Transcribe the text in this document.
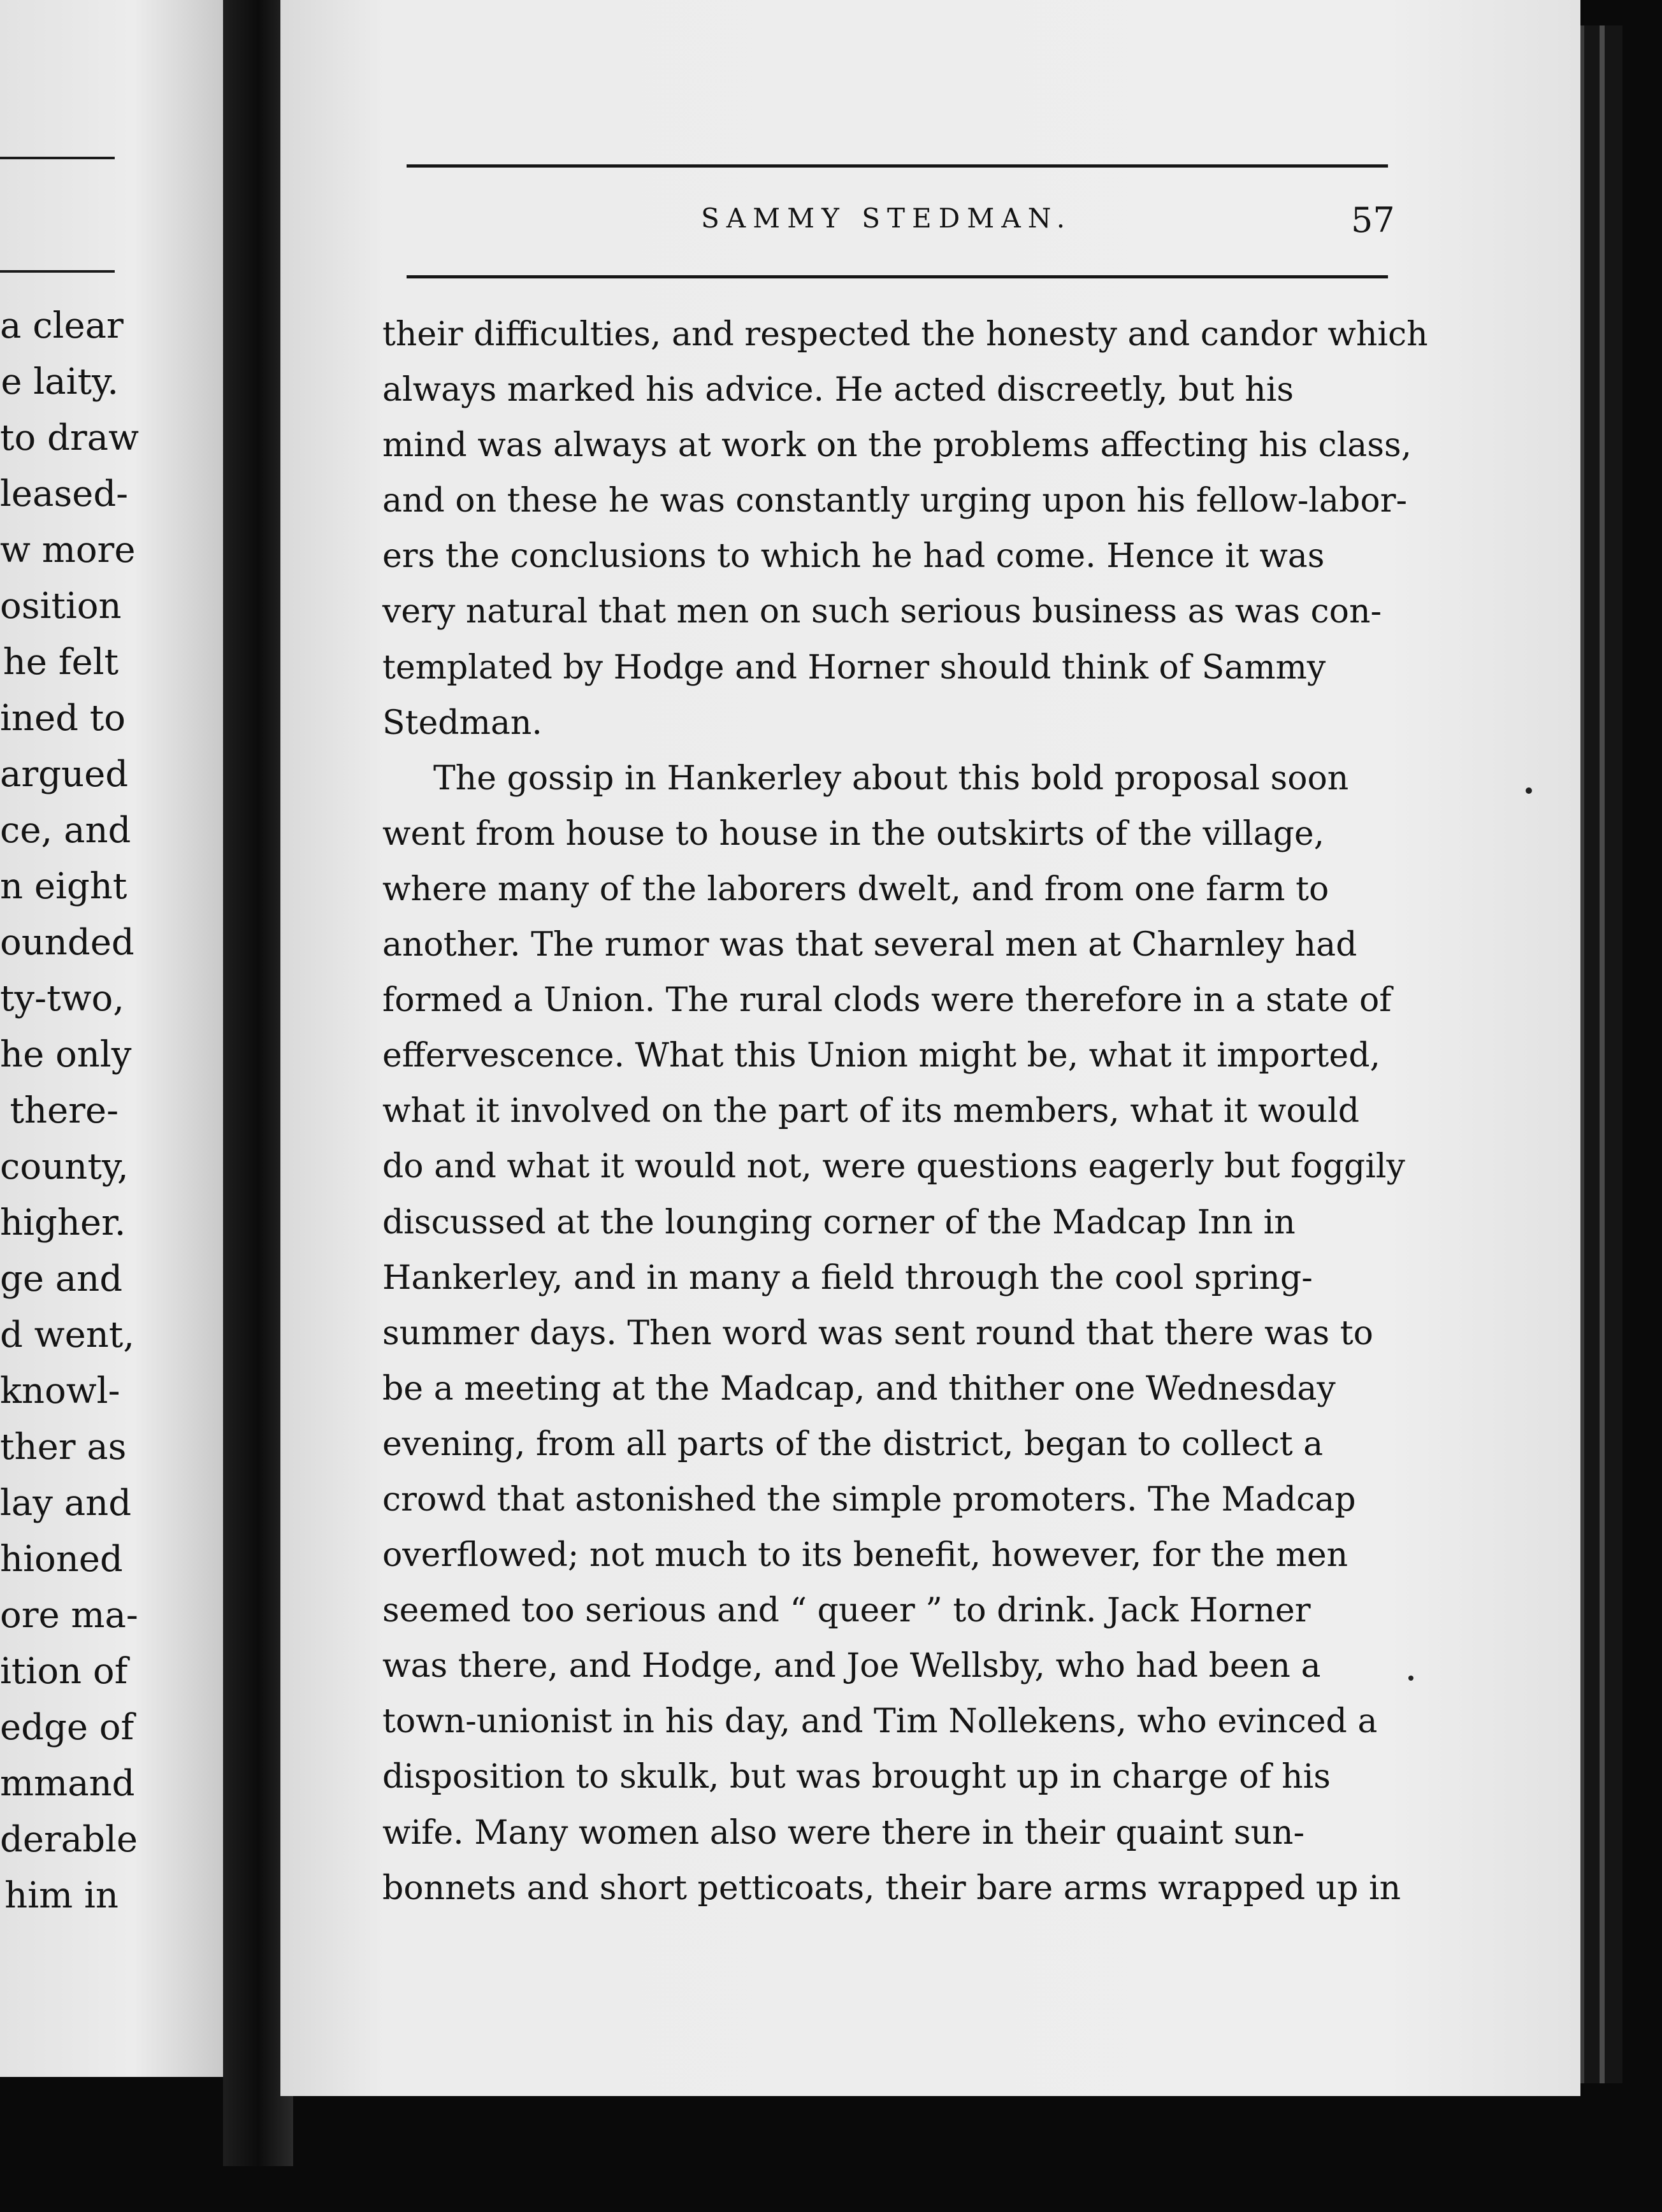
a clear
e laity.
to draw
leased-
w more
osition
he felt
ined to
argued
ce, and
n eight
ounded
ty-two,
he only
there-
county,
higher.
ge and
d went,
knowl-
ther as
lay and
hioned
ore ma-
ition of
edge of
mmand
derable
him in
SAMMY STEDMAN.	57
their difficulties, and respected the honesty and candor which
always marked his advice. He acted discreetly, but his
mind was always at work on the problems affecting his class,
and on these he was constantly urging upon his fellow-labor-
ers the conclusions to which he had come. Hence it was
very natural that men on such serious business as was con-
templated by Hodge and Horner should think of Sammy
Stedman.
The gossip in Hankerley about this bold proposal soon
went from house to house in the outskirts of the village,
where many of the laborers dwelt, and from one farm to
another. The rumor was that several men at Charnley had
formed a Union. The rural clods were therefore in a state of
effervescence. What this Union might be, what it imported,
what it involved on the part of its members, what it would
do and what it would not, were questions eagerly but foggily
discussed at the lounging corner of the Madcap Inn in
Hankerley, and in many a field through the cool spring-
summer days. Then word was sent round that there was to
be a meeting at the Madcap, and thither one Wednesday
evening, from all parts of the district, began to collect a
crowd that astonished the simple promoters. The Madcap
overflowed; not much to its benefit, however, for the men
seemed too serious and “ queer ” to drink. Jack Horner
was there, and Hodge, and Joe Wellsby, who had been a
town-unionist in his day, and Tim Nollekens, who evinced a
disposition to skulk, but was brought up in charge of his
wife. Many women also were there in their quaint sun-
bonnets and short petticoats, their bare arms wrapped up in
